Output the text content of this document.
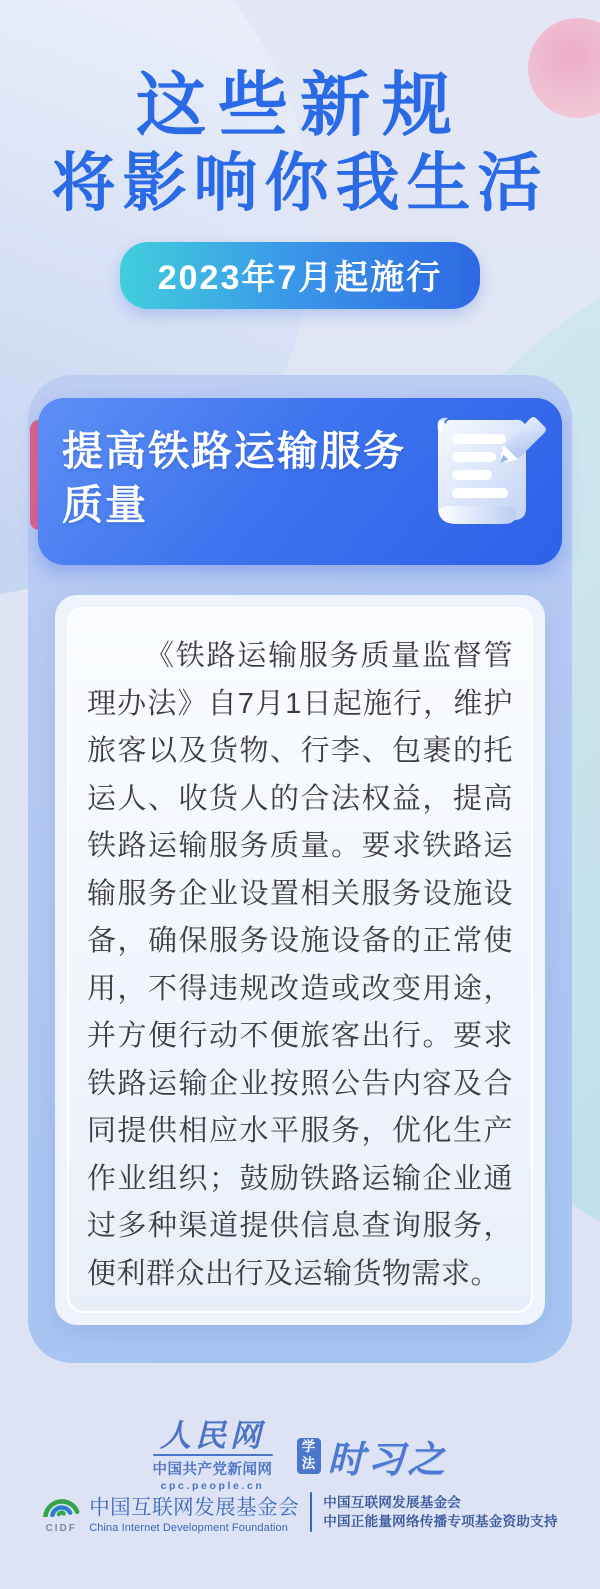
这些新规
将影响你我生活
2023年7月起施行
提高铁路运输服务质量

《铁路运输服务质量监督管理办法》自7月1日起施行，维护旅客以及货物、行李、包裹的托运人、收货人的合法权益，提高铁路运输服务质量。要求铁路运输服务企业设置相关服务设施设备，确保服务设施设备的正常使用，不得违规改造或改变用途，并方便行动不便旅客出行。要求铁路运输企业按照公告内容及合同提供相应水平服务，优化生产作业组织；鼓励铁路运输企业通过多种渠道提供信息查询服务，便利群众出行及运输货物需求。

人民网
中国共产党新闻网
cpc.people.cn
学
法 时习之
CIDF
中国互联网发展基金会
China Internet Development Foundation
中国互联网发展基金会
中国正能量网络传播专项基金资助支持
